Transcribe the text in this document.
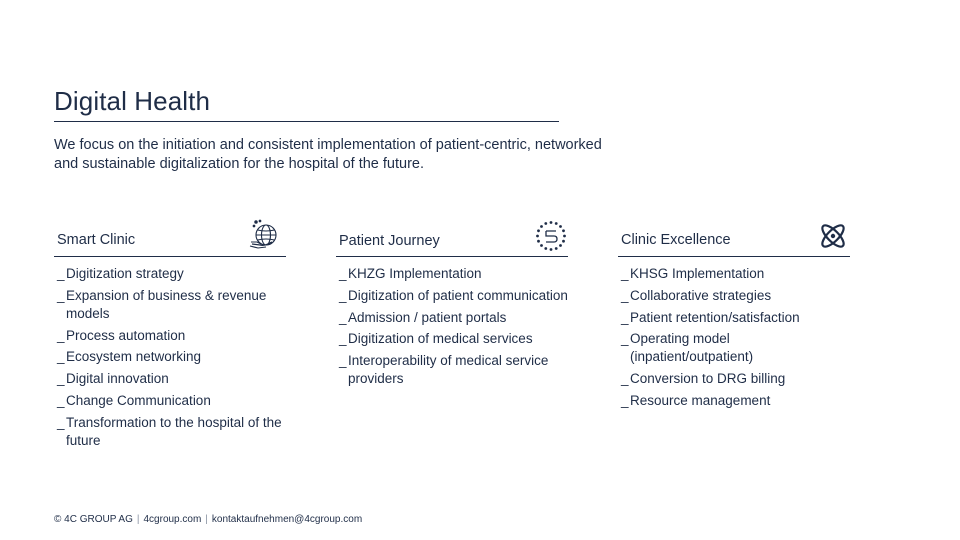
Digital Health

We focus on the initiation and consistent implementation of patient-centric, networked and sustainable digitalization for the hospital of the future.

Smart Clinic
_ Digitization strategy
_ Expansion of business & revenue models
_ Process automation
_ Ecosystem networking
_ Digital innovation
_ Change Communication
_ Transformation to the hospital of the future
Patient Journey
_ KHZG Implementation
_ Digitization of patient communication
_ Admission / patient portals
_ Digitization of medical services
_ Interoperability of medical service providers
Clinic Excellence
_ KHSG Implementation
_ Collaborative strategies
_ Patient retention/satisfaction
_ Operating model (inpatient/outpatient)
_ Conversion to DRG billing
_ Resource management
© 4C GROUP AG | 4cgroup.com | kontaktaufnehmen@4cgroup.com
